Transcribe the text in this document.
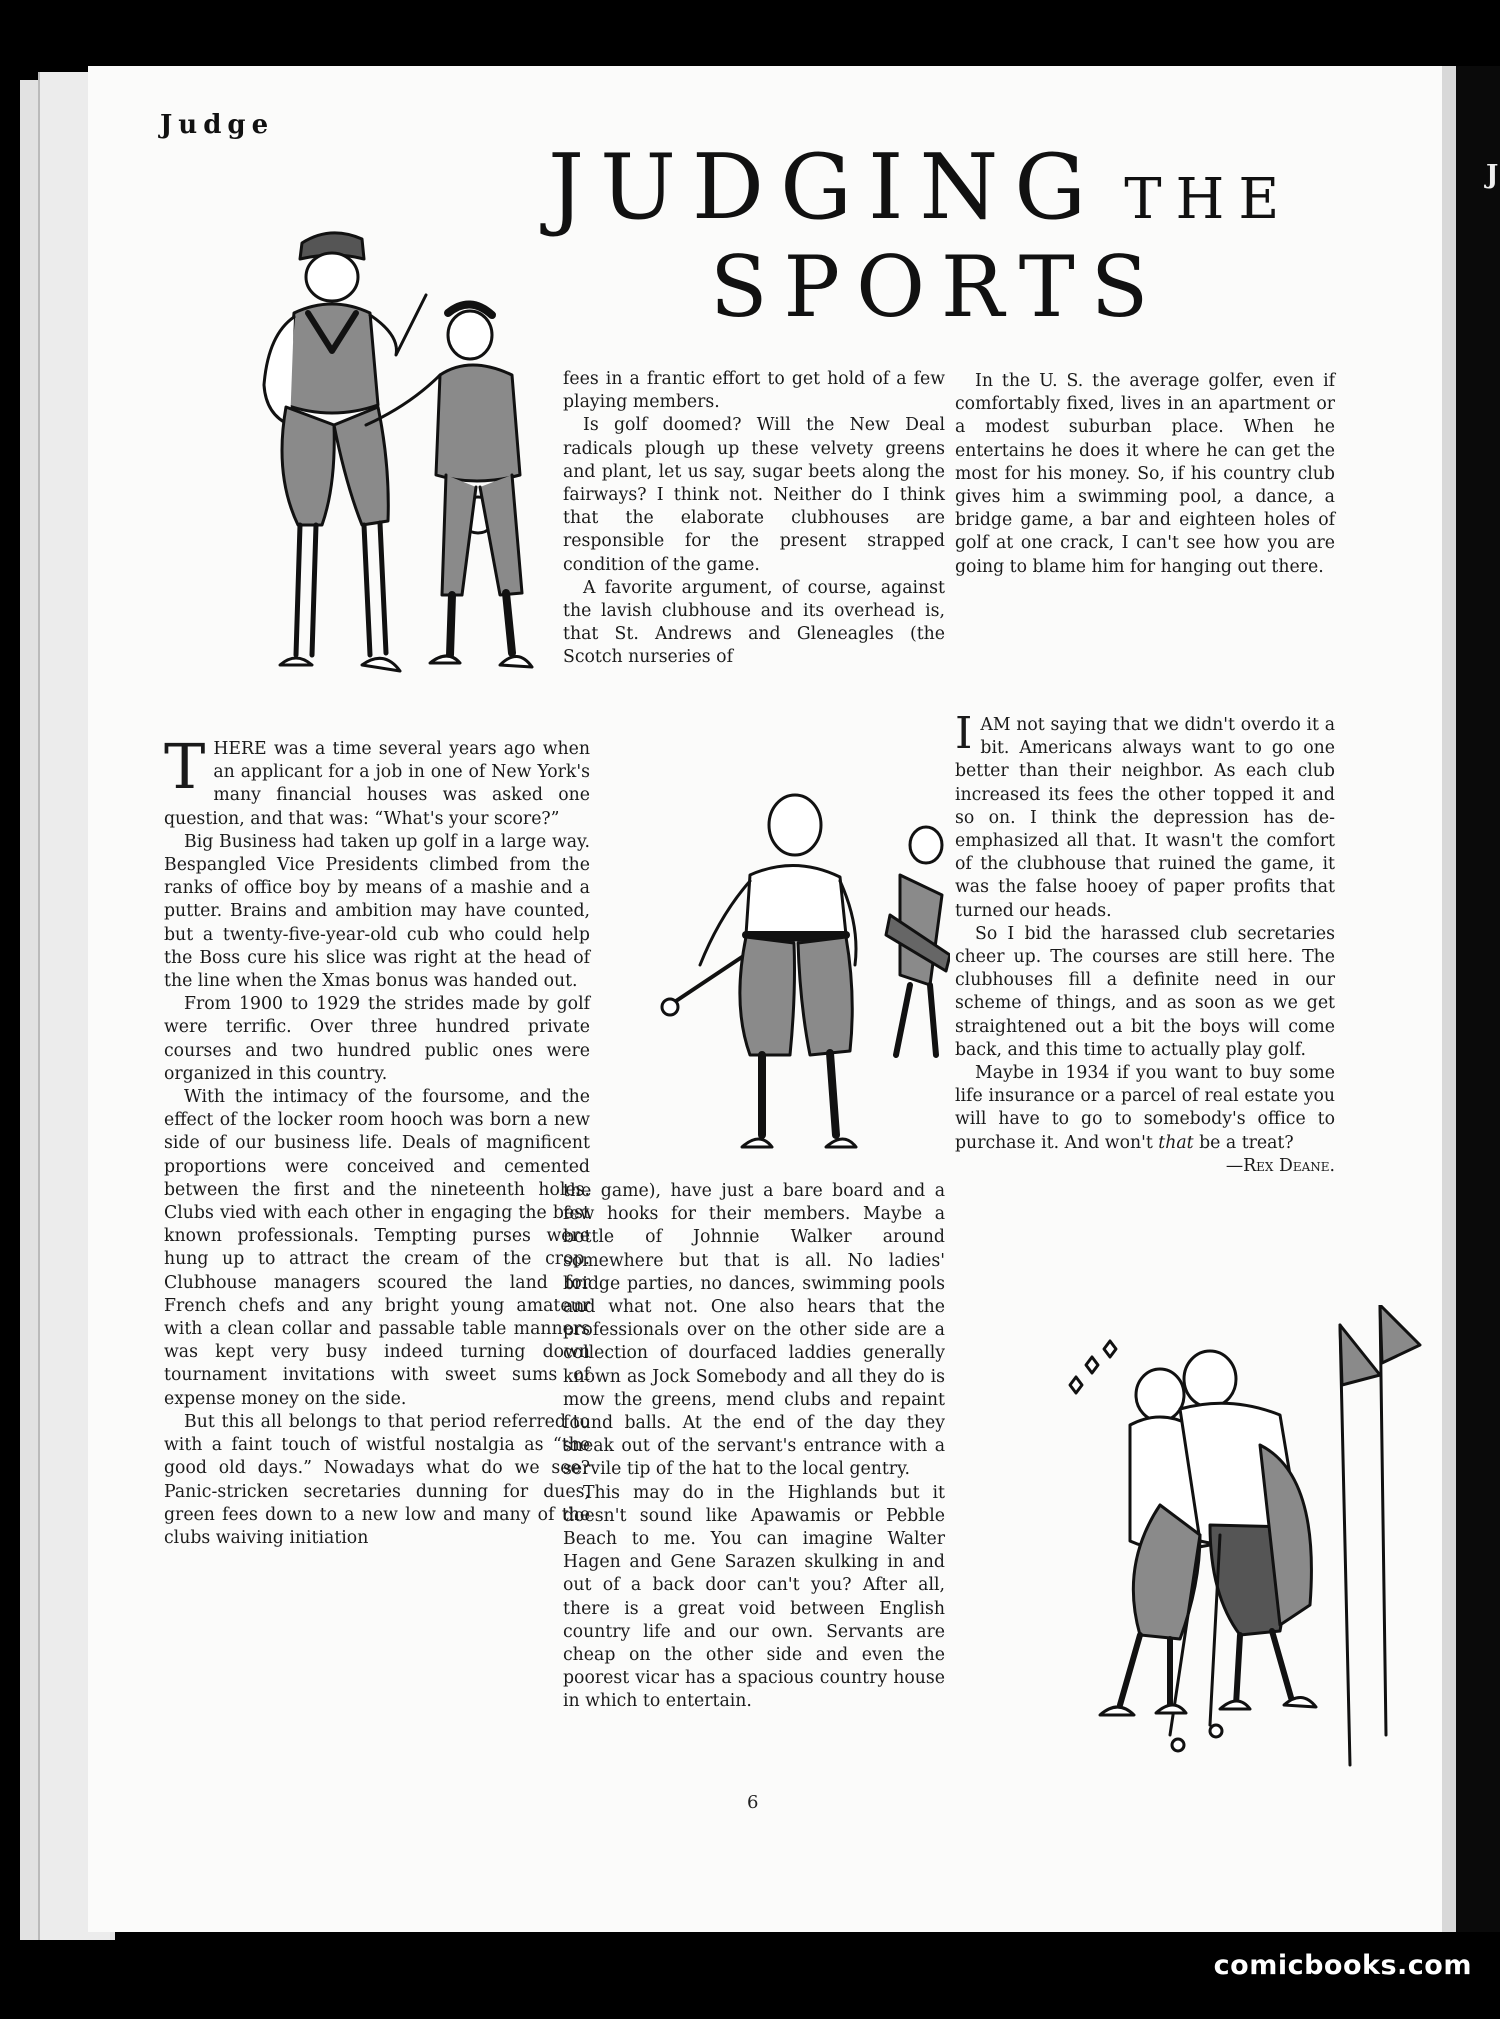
J
Judge
JUDGING THE
SPORTS

THERE was a time several years ago when an applicant for a job in one of New York's many financial houses was asked one question, and that was: “What's your score?”

Big Business had taken up golf in a large way. Bespangled Vice Presidents climbed from the ranks of office boy by means of a mashie and a putter. Brains and ambition may have counted, but a twenty-five-year-old cub who could help the Boss cure his slice was right at the head of the line when the Xmas bonus was handed out.

From 1900 to 1929 the strides made by golf were terrific. Over three hundred private courses and two hundred public ones were organized in this country.

With the intimacy of the foursome, and the effect of the locker room hooch was born a new side of our business life. Deals of magnificent proportions were conceived and cemented between the first and the nineteenth holes. Clubs vied with each other in engaging the best known professionals. Tempting purses were hung up to attract the cream of the crop. Clubhouse managers scoured the land for French chefs and any bright young amateur with a clean collar and passable table manners was kept very busy indeed turning down tournament invitations with sweet sums of expense money on the side.

But this all belongs to that period referred to with a faint touch of wistful nostalgia as “the good old days.” Nowadays what do we see? Panic-stricken secretaries dunning for dues, green fees down to a new low and many of the clubs waiving initiation

fees in a frantic effort to get hold of a few playing members.

Is golf doomed? Will the New Deal radicals plough up these velvety greens and plant, let us say, sugar beets along the fairways? I think not. Neither do I think that the elaborate clubhouses are responsible for the present strapped condition of the game.

A favorite argument, of course, against the lavish clubhouse and its overhead is, that St. Andrews and Gleneagles (the Scotch nurseries of

the game), have just a bare board and a few hooks for their members. Maybe a bottle of Johnnie Walker around somewhere but that is all. No ladies' bridge parties, no dances, swimming pools and what not. One also hears that the professionals over on the other side are a collection of dourfaced laddies generally known as Jock Somebody and all they do is mow the greens, mend clubs and repaint found balls. At the end of the day they sneak out of the servant's entrance with a servile tip of the hat to the local gentry.

This may do in the Highlands but it doesn't sound like Apawamis or Pebble Beach to me. You can imagine Walter Hagen and Gene Sarazen skulking in and out of a back door can't you? After all, there is a great void between English country life and our own. Servants are cheap on the other side and even the poorest vicar has a spacious country house in which to entertain.

In the U. S. the average golfer, even if comfortably fixed, lives in an apartment or a modest suburban place. When he entertains he does it where he can get the most for his money. So, if his country club gives him a swimming pool, a dance, a bridge game, a bar and eighteen holes of golf at one crack, I can't see how you are going to blame him for hanging out there.

IAM not saying that we didn't overdo it a bit. Americans always want to go one better than their neighbor. As each club increased its fees the other topped it and so on. I think the depression has de-emphasized all that. It wasn't the comfort of the clubhouse that ruined the game, it was the false hooey of paper profits that turned our heads.

So I bid the harassed club secretaries cheer up. The courses are still here. The clubhouses fill a definite need in our scheme of things, and as soon as we get straightened out a bit the boys will come back, and this time to actually play golf.

Maybe in 1934 if you want to buy some life insurance or a parcel of real estate you will have to go to somebody's office to purchase it. And won't that be a treat?

—Rex Deane.

6
comicbooks.com
